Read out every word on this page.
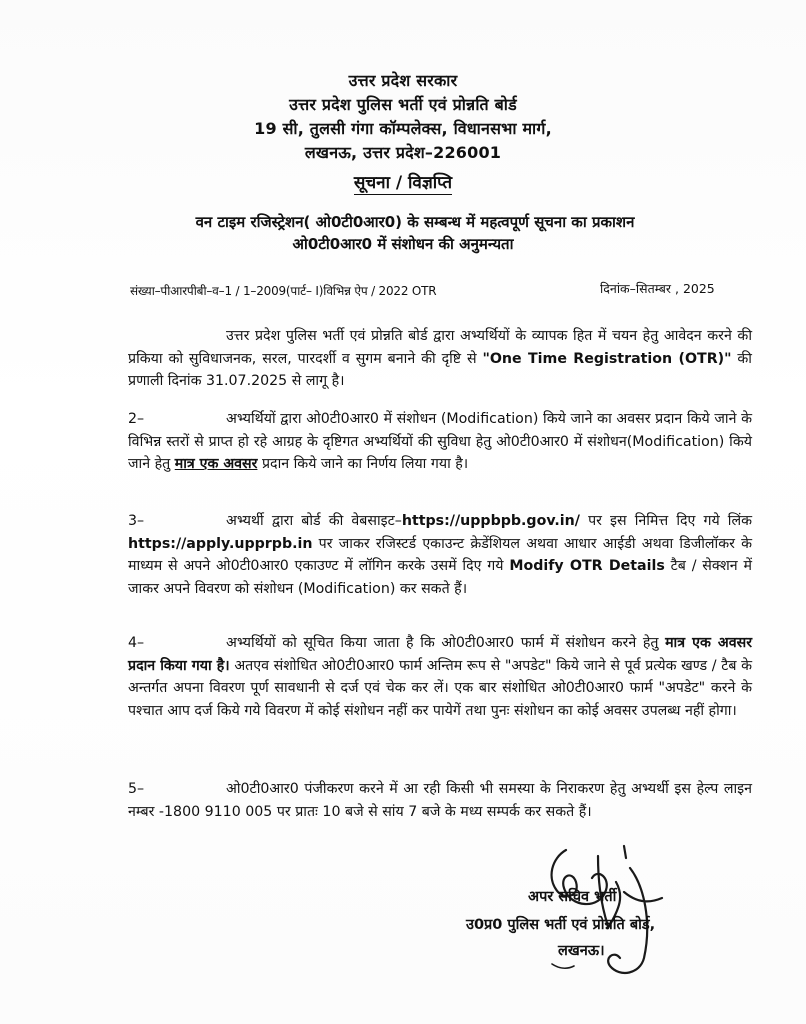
उत्तर प्रदेश सरकार
उत्तर प्रदेश पुलिस भर्ती एवं प्रोन्नति बोर्ड
19 सी, तुलसी गंगा कॉम्पलेक्स, विधानसभा मार्ग,
लखनऊ, उत्तर प्रदेश–226001
सूचना / विज्ञप्ति
वन टाइम रजिस्ट्रेशन( ओ0टी0आर0) के सम्बन्ध में महत्वपूर्ण सूचना का प्रकाशन
ओ0टी0आर0 में संशोधन की अनुमन्यता
संख्या–पीआरपीबी–व–1 / 1–2009(पार्ट– I)विभिन्न ऐप / 2022 OTR	दिनांक–सितम्बर , 2025
उत्तर प्रदेश पुलिस भर्ती एवं प्रोन्नति बोर्ड द्वारा अभ्यर्थियों के व्यापक हित में चयन हेतु आवेदन करने की प्रकिया को सुविधाजनक, सरल, पारदर्शी व सुगम बनाने की दृष्टि से "One Time Registration (OTR)" की प्रणाली दिनांक 31.07.2025 से लागू है।
2–	अभ्यर्थियों द्वारा ओ0टी0आर0 में संशोधन (Modification) किये जाने का अवसर प्रदान किये जाने के विभिन्न स्तरों से प्राप्त हो रहे आग्रह के दृष्टिगत अभ्यर्थियों की सुविधा हेतु ओ0टी0आर0 में संशोधन(Modification) किये जाने हेतु मात्र एक अवसर प्रदान किये जाने का निर्णय लिया गया है।
3–	अभ्यर्थी द्वारा बोर्ड की वेबसाइट–https://uppbpb.gov.in/ पर इस निमित्त दिए गये लिंक https://apply.upprpb.in पर जाकर रजिस्टर्ड एकाउन्ट क्रेडेंशियल अथवा आधार आईडी अथवा डिजीलॉकर के माध्यम से अपने ओ0टी0आर0 एकाउण्ट में लॉगिन करके उसमें दिए गये Modify OTR Details टैब / सेक्शन में जाकर अपने विवरण को संशोधन (Modification) कर सकते हैं।
4–	अभ्यर्थियों को सूचित किया जाता है कि ओ0टी0आर0 फार्म में संशोधन करने हेतु मात्र एक अवसर प्रदान किया गया है। अतएव संशोधित ओ0टी0आर0 फार्म अन्तिम रूप से "अपडेट" किये जाने से पूर्व प्रत्येक खण्ड / टैब के अन्तर्गत अपना विवरण पूर्ण सावधानी से दर्ज एवं चेक कर लें। एक बार संशोधित ओ0टी0आर0 फार्म "अपडेट" करने के पश्चात आप दर्ज किये गये विवरण में कोई संशोधन नहीं कर पायेगें तथा पुनः संशोधन का कोई अवसर उपलब्ध नहीं होगा।
5–	ओ0टी0आर0 पंजीकरण करने में आ रही किसी भी समस्या के निराकरण हेतु अभ्यर्थी इस हेल्प लाइन नम्बर -1800 9110 005 पर प्रातः 10 बजे से सांय 7 बजे के मध्य सम्पर्क कर सकते हैं।
अपर सचिव भर्ती
उ0प्र0 पुलिस भर्ती एवं प्रोन्नति बोर्ड,
लखनऊ।
